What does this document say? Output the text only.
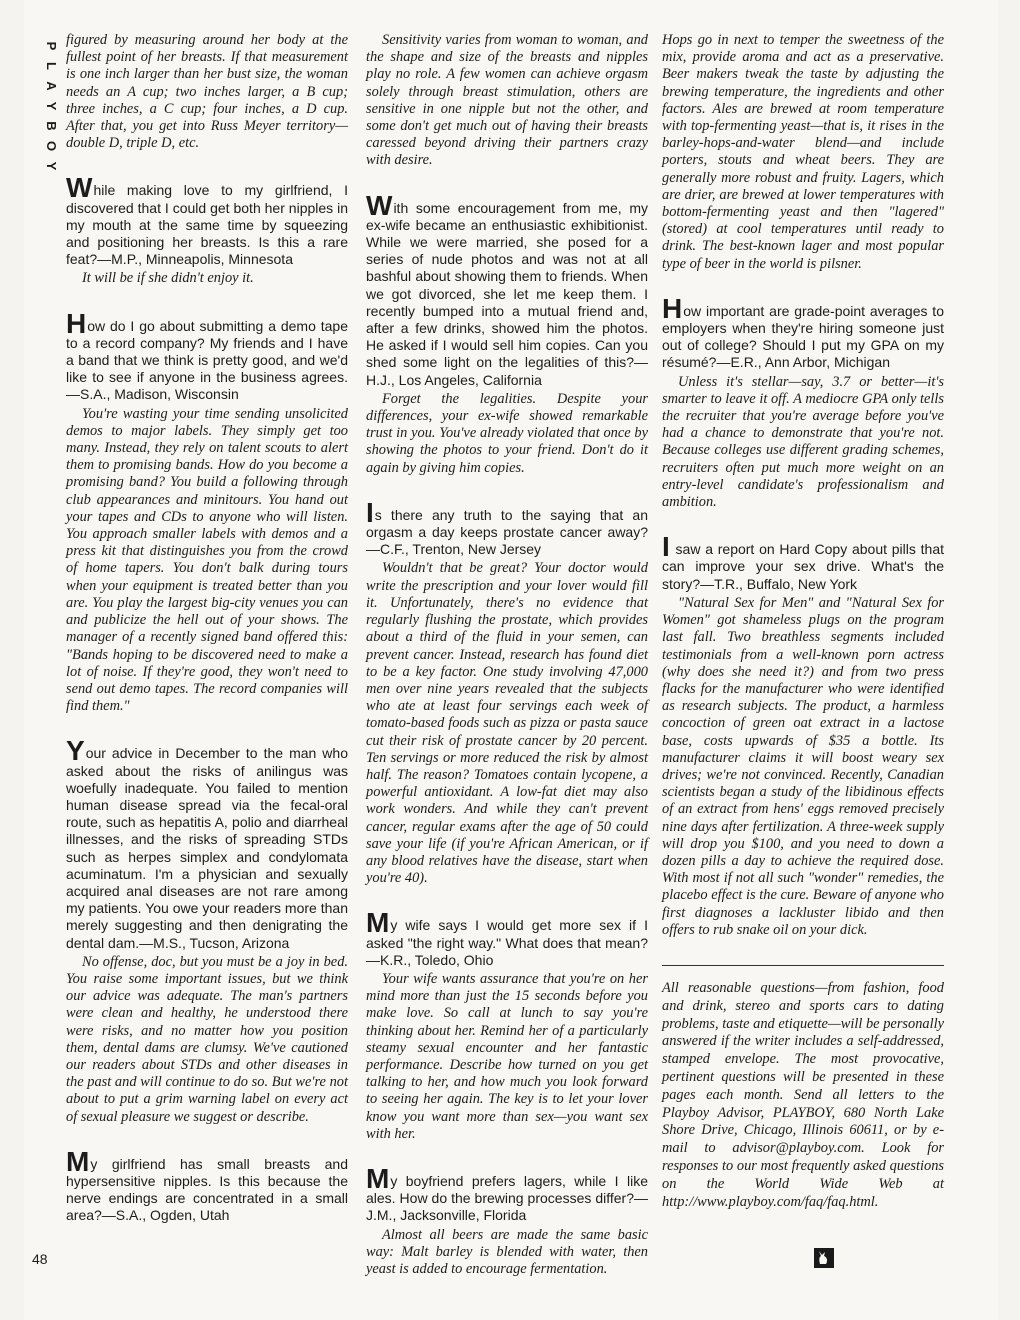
P
L
A
Y
B
O
Y

figured by measuring around her body at the fullest point of her breasts. If that measurement is one inch larger than her bust size, the woman needs an A cup; two inches larger, a B cup; three inches, a C cup; four inches, a D cup. After that, you get into Russ Meyer territory—double D, triple D, etc.

While making love to my girlfriend, I discovered that I could get both her nipples in my mouth at the same time by squeezing and positioning her breasts. Is this a rare feat?—M.P., Minneapolis, Minnesota

It will be if she didn't enjoy it.

How do I go about submitting a demo tape to a record company? My friends and I have a band that we think is pretty good, and we'd like to see if anyone in the business agrees.—S.A., Madison, Wisconsin

You're wasting your time sending unsolicited demos to major labels. They simply get too many. Instead, they rely on talent scouts to alert them to promising bands. How do you become a promising band? You build a following through club appearances and minitours. You hand out your tapes and CDs to anyone who will listen. You approach smaller labels with demos and a press kit that distinguishes you from the crowd of home tapers. You don't balk during tours when your equipment is treated better than you are. You play the largest big-city venues you can and publicize the hell out of your shows. The manager of a recently signed band offered this: "Bands hoping to be discovered need to make a lot of noise. If they're good, they won't need to send out demo tapes. The record companies will find them."

Your advice in December to the man who asked about the risks of anilingus was woefully inadequate. You failed to mention human disease spread via the fecal-oral route, such as hepatitis A, polio and diarrheal illnesses, and the risks of spreading STDs such as herpes simplex and condylomata acuminatum. I'm a physician and sexually acquired anal diseases are not rare among my patients. You owe your readers more than merely suggesting and then denigrating the dental dam.—M.S., Tucson, Arizona

No offense, doc, but you must be a joy in bed. You raise some important issues, but we think our advice was adequate. The man's partners were clean and healthy, he understood there were risks, and no matter how you position them, dental dams are clumsy. We've cautioned our readers about STDs and other diseases in the past and will continue to do so. But we're not about to put a grim warning label on every act of sexual pleasure we suggest or describe.

My girlfriend has small breasts and hypersensitive nipples. Is this because the nerve endings are concentrated in a small area?—S.A., Ogden, Utah

Sensitivity varies from woman to woman, and the shape and size of the breasts and nipples play no role. A few women can achieve orgasm solely through breast stimulation, others are sensitive in one nipple but not the other, and some don't get much out of having their breasts caressed beyond driving their partners crazy with desire.

With some encouragement from me, my ex-wife became an enthusiastic exhibitionist. While we were married, she posed for a series of nude photos and was not at all bashful about showing them to friends. When we got divorced, she let me keep them. I recently bumped into a mutual friend and, after a few drinks, showed him the photos. He asked if I would sell him copies. Can you shed some light on the legalities of this?—H.J., Los Angeles, California

Forget the legalities. Despite your differences, your ex-wife showed remarkable trust in you. You've already violated that once by showing the photos to your friend. Don't do it again by giving him copies.

Is there any truth to the saying that an orgasm a day keeps prostate cancer away?—C.F., Trenton, New Jersey

Wouldn't that be great? Your doctor would write the prescription and your lover would fill it. Unfortunately, there's no evidence that regularly flushing the prostate, which provides about a third of the fluid in your semen, can prevent cancer. Instead, research has found diet to be a key factor. One study involving 47,000 men over nine years revealed that the subjects who ate at least four servings each week of tomato-based foods such as pizza or pasta sauce cut their risk of prostate cancer by 20 percent. Ten servings or more reduced the risk by almost half. The reason? Tomatoes contain lycopene, a powerful antioxidant. A low-fat diet may also work wonders. And while they can't prevent cancer, regular exams after the age of 50 could save your life (if you're African American, or if any blood relatives have the disease, start when you're 40).

My wife says I would get more sex if I asked "the right way." What does that mean?—K.R., Toledo, Ohio

Your wife wants assurance that you're on her mind more than just the 15 seconds before you make love. So call at lunch to say you're thinking about her. Remind her of a particularly steamy sexual encounter and her fantastic performance. Describe how turned on you get talking to her, and how much you look forward to seeing her again. The key is to let your lover know you want more than sex—you want sex with her.

My boyfriend prefers lagers, while I like ales. How do the brewing processes differ?—J.M., Jacksonville, Florida

Almost all beers are made the same basic way: Malt barley is blended with water, then yeast is added to encourage fermentation.

Hops go in next to temper the sweetness of the mix, provide aroma and act as a preservative. Beer makers tweak the taste by adjusting the brewing temperature, the ingredients and other factors. Ales are brewed at room temperature with top-fermenting yeast—that is, it rises in the barley-hops-and-water blend—and include porters, stouts and wheat beers. They are generally more robust and fruity. Lagers, which are drier, are brewed at lower temperatures with bottom-fermenting yeast and then "lagered" (stored) at cool temperatures until ready to drink. The best-known lager and most popular type of beer in the world is pilsner.

How important are grade-point averages to employers when they're hiring someone just out of college? Should I put my GPA on my résumé?—E.R., Ann Arbor, Michigan

Unless it's stellar—say, 3.7 or better—it's smarter to leave it off. A mediocre GPA only tells the recruiter that you're average before you've had a chance to demonstrate that you're not. Because colleges use different grading schemes, recruiters often put much more weight on an entry-level candidate's professionalism and ambition.

I saw a report on Hard Copy about pills that can improve your sex drive. What's the story?—T.R., Buffalo, New York

"Natural Sex for Men" and "Natural Sex for Women" got shameless plugs on the program last fall. Two breathless segments included testimonials from a well-known porn actress (why does she need it?) and from two press flacks for the manufacturer who were identified as research subjects. The product, a harmless concoction of green oat extract in a lactose base, costs upwards of $35 a bottle. Its manufacturer claims it will boost weary sex drives; we're not convinced. Recently, Canadian scientists began a study of the libidinous effects of an extract from hens' eggs removed precisely nine days after fertilization. A three-week supply will drop you $100, and you need to down a dozen pills a day to achieve the required dose. With most if not all such "wonder" remedies, the placebo effect is the cure. Beware of anyone who first diagnoses a lackluster libido and then offers to rub snake oil on your dick.

All reasonable questions—from fashion, food and drink, stereo and sports cars to dating problems, taste and etiquette—will be personally answered if the writer includes a self-addressed, stamped envelope. The most provocative, pertinent questions will be presented in these pages each month. Send all letters to the Playboy Advisor, PLAYBOY, 680 North Lake Shore Drive, Chicago, Illinois 60611, or by e-mail to advisor@playboy.com. Look for responses to our most frequently asked questions on the World Wide Web at http://www.playboy.com/faq/faq.html.

48
